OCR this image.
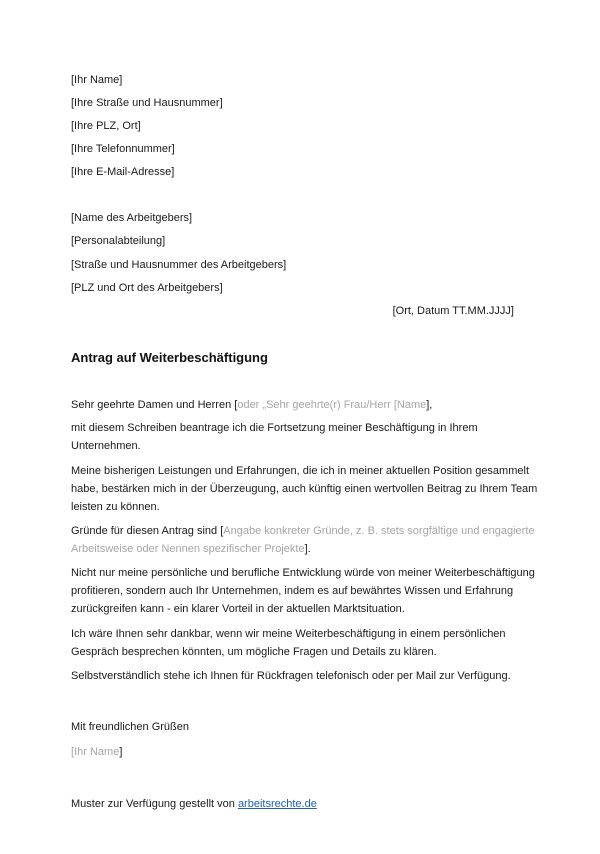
[Ihr Name]
[Ihre Straße und Hausnummer]
[Ihre PLZ, Ort]
[Ihre Telefonnummer]
[Ihre E-Mail-Adresse]
[Name des Arbeitgebers]
[Personalabteilung]
[Straße und Hausnummer des Arbeitgebers]
[PLZ und Ort des Arbeitgebers]
[Ort, Datum TT.MM.JJJJ]
Antrag auf Weiterbeschäftigung
Sehr geehrte Damen und Herren [oder „Sehr geehrte(r) Frau/Herr [Name],
mit diesem Schreiben beantrage ich die Fortsetzung meiner Beschäftigung in Ihrem Unternehmen.
Meine bisherigen Leistungen und Erfahrungen, die ich in meiner aktuellen Position gesammelt habe, bestärken mich in der Überzeugung, auch künftig einen wertvollen Beitrag zu Ihrem Team leisten zu können.
Gründe für diesen Antrag sind [Angabe konkreter Gründe, z. B. stets sorgfältige und engagierte Arbeitsweise oder Nennen spezifischer Projekte].
Nicht nur meine persönliche und berufliche Entwicklung würde von meiner Weiterbeschäftigung profitieren, sondern auch Ihr Unternehmen, indem es auf bewährtes Wissen und Erfahrung zurückgreifen kann - ein klarer Vorteil in der aktuellen Marktsituation.
Ich wäre Ihnen sehr dankbar, wenn wir meine Weiterbeschäftigung in einem persönlichen Gespräch besprechen könnten, um mögliche Fragen und Details zu klären.
Selbstverständlich stehe ich Ihnen für Rückfragen telefonisch oder per Mail zur Verfügung.
Mit freundlichen Grüßen
[Ihr Name]
Muster zur Verfügung gestellt von arbeitsrechte.de
